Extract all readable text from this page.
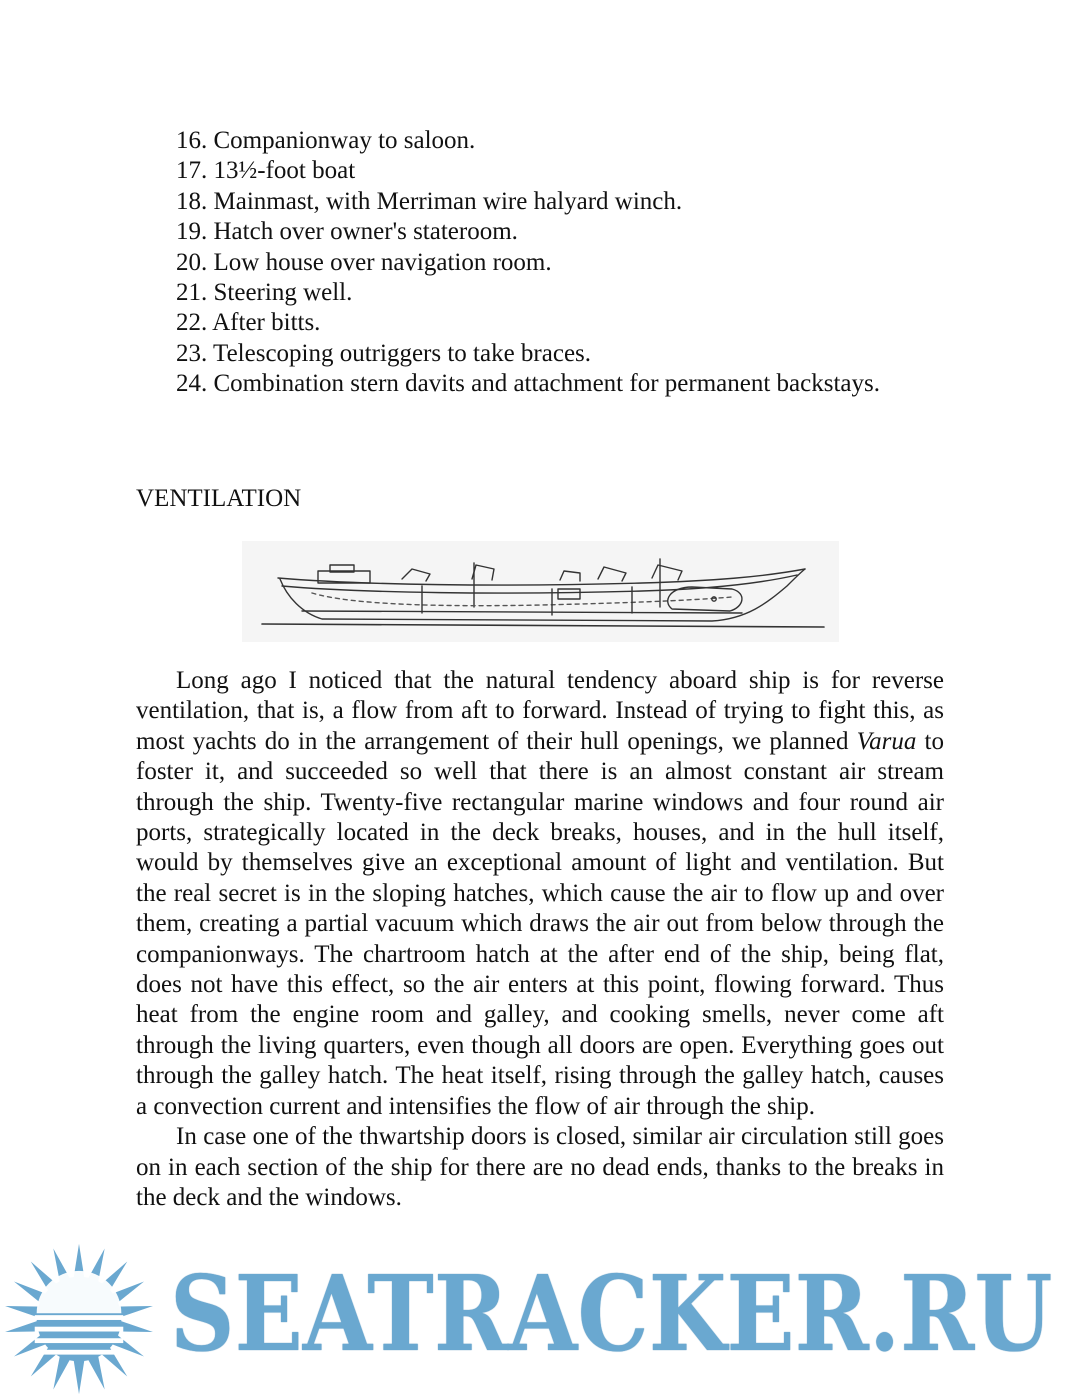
16. Companionway to saloon.
17. 13½-foot boat
18. Mainmast, with Merriman wire halyard winch.
19. Hatch over owner's stateroom.
20. Low house over navigation room.
21. Steering well.
22. After bitts.
23. Telescoping outriggers to take braces.
24. Combination stern davits and attachment for permanent backstays.
VENTILATION

Long ago I noticed that the natural tendency aboard ship is for reverse ventilation, that is, a flow from aft to forward. Instead of trying to fight this, as most yachts do in the arrangement of their hull openings, we planned Varua to foster it, and succeeded so well that there is an almost constant air stream through the ship. Twenty-five rectangular marine windows and four round air ports, strategically located in the deck breaks, houses, and in the hull itself, would by themselves give an exceptional amount of light and ventilation. But the real secret is in the sloping hatches, which cause the air to flow up and over them, creating a partial vacuum which draws the air out from below through the companionways. The chartroom hatch at the after end of the ship, being flat, does not have this effect, so the air enters at this point, flowing forward. Thus heat from the engine room and galley, and cooking smells, never come aft through the living quarters, even though all doors are open. Everything goes out through the galley hatch. The heat itself, rising through the galley hatch, causes a convection current and intensifies the flow of air through the ship.

In case one of the thwartship doors is closed, similar air circulation still goes on in each section of the ship for there are no dead ends, thanks to the breaks in the deck and the windows.

SEATRACKER.RU
